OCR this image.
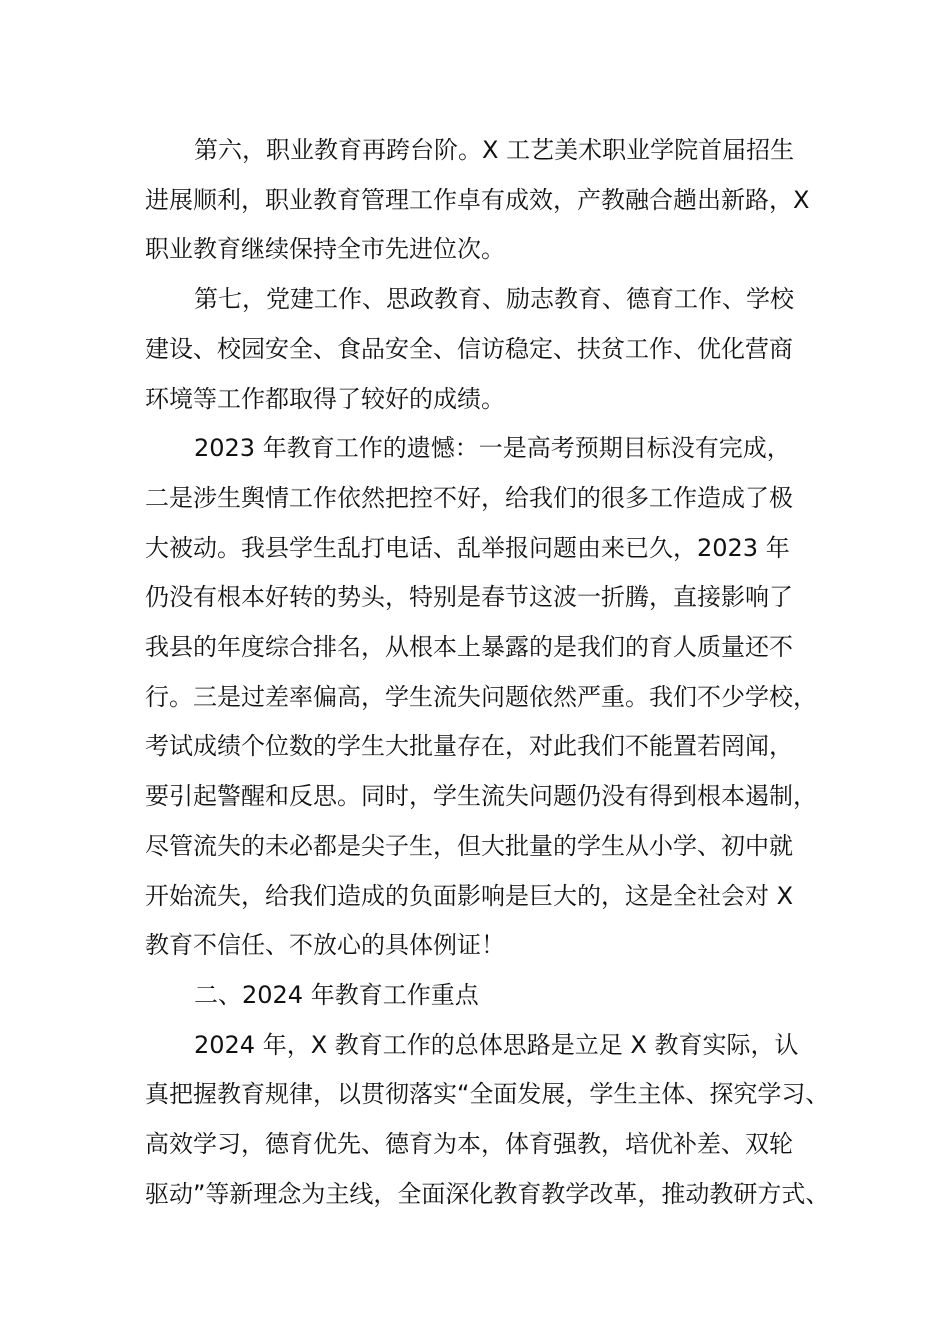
第六，职业教育再跨台阶。X 工艺美术职业学院首届招生
进展顺利，职业教育管理工作卓有成效，产教融合趟出新路，X
职业教育继续保持全市先进位次。
第七，党建工作、思政教育、励志教育、德育工作、学校
建设、校园安全、食品安全、信访稳定、扶贫工作、优化营商
环境等工作都取得了较好的成绩。
2023 年教育工作的遗憾：一是高考预期目标没有完成，
二是涉生舆情工作依然把控不好，给我们的很多工作造成了极
大被动。我县学生乱打电话、乱举报问题由来已久，2023 年
仍没有根本好转的势头，特别是春节这波一折腾，直接影响了
我县的年度综合排名，从根本上暴露的是我们的育人质量还不
行。三是过差率偏高，学生流失问题依然严重。我们不少学校，
考试成绩个位数的学生大批量存在，对此我们不能置若罔闻，
要引起警醒和反思。同时，学生流失问题仍没有得到根本遏制，
尽管流失的未必都是尖子生，但大批量的学生从小学、初中就
开始流失，给我们造成的负面影响是巨大的，这是全社会对 X
教育不信任、不放心的具体例证！
二、2024 年教育工作重点
2024 年，X 教育工作的总体思路是立足 X 教育实际，认
真把握教育规律，以贯彻落实“全面发展，学生主体、探究学习、
高效学习，德育优先、德育为本，体育强教，培优补差、双轮
驱动”等新理念为主线，全面深化教育教学改革，推动教研方式、
